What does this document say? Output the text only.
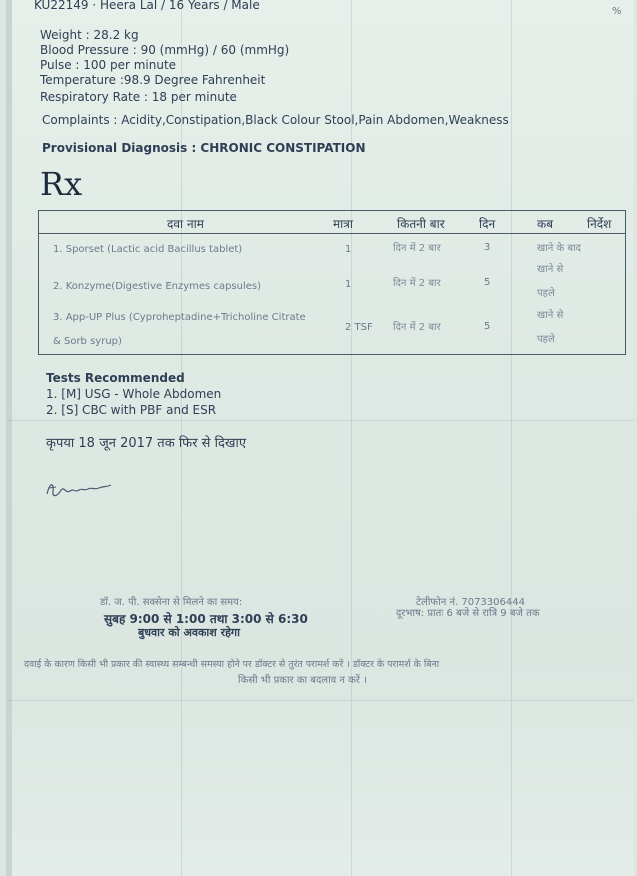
KU22149 · Heera Lal / 16 Years / Male	%
Weight : 28.2 kg
Blood Pressure : 90 (mmHg) / 60 (mmHg)
Pulse : 100 per minute
Temperature :98.9 Degree Fahrenheit
Respiratory Rate : 18 per minute
Complaints : Acidity,Constipation,Black Colour Stool,Pain Abdomen,Weakness
Provisional Diagnosis : CHRONIC CONSTIPATION
Rx
दवा नाम	मात्रा	कितनी बार	दिन	कब	निर्देश
1. Sporset (Lactic acid Bacillus tablet)	1	दिन में 2 बार	3	खाने के बाद
2. Konzyme(Digestive Enzymes capsules)	1	दिन में 2 बार	5
खाने से
पहले
3. App-UP Plus (Cyproheptadine+Tricholine Citrate
& Sorb syrup)
2 TSF दिन में 2 बार	5
खाने से
पहले
Tests Recommended
1. [M] USG - Whole Abdomen
2. [S] CBC with PBF and ESR
कृपया 18 जून 2017 तक फिर से दिखाए
डॉ. ज. पी. सक्सेना से मिलने का समय:
सुबह 9:00 से 1:00 तथा 3:00 से 6:30
बुधवार को अवकाश रहेगा
टेलीफोन नं. 7073306444
दूरभाष: प्रातः 6 बजे से रात्रि 9 बजे तक
दवाई के कारण किसी भी प्रकार की स्वास्थ्य सम्बन्धी समस्या होने पर डॉक्टर से तुरंत परामर्श करें । डॉक्टर के परामर्श के बिना
किसी भी प्रकार का बदलाव न करें ।
